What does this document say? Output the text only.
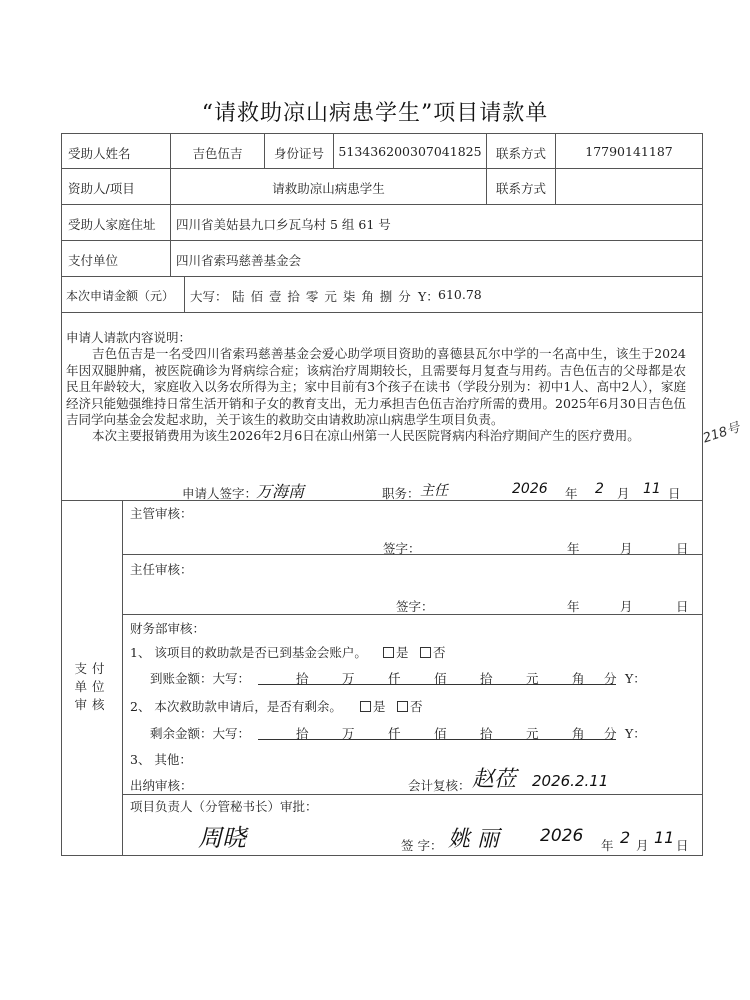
“请救助凉山病患学生”项目请款单
受助人姓名	吉色伍吉	身份证号	513436200307041825	联系方式	17790141187
资助人/项目	请救助凉山病患学生	联系方式
受助人家庭住址 四川省美姑县九口乡瓦乌村 5 组 61 号
支付单位	四川省索玛慈善基金会
本次申请金额（元） 大写： 陆 佰 壹 拾 零 元 柒 角 捌 分 Y： 610.78

申请人请款内容说明：

吉色伍吉是一名受四川省索玛慈善基金会爱心助学项目资助的喜德县瓦尔中学的一名高中生，该生于2024年因双腿肿痛，被医院确诊为肾病综合症；该病治疗周期较长，且需要每月复查与用药。吉色伍吉的父母都是农民且年龄较大，家庭收入以务农所得为主；家中目前有3个孩子在读书（学段分别为：初中1人、高中2人），家庭经济只能勉强维持日常生活开销和子女的教育支出，无力承担吉色伍吉治疗所需的费用。2025年6月30日吉色伍吉同学向基金会发起求助，关于该生的救助交由请救助凉山病患学生项目负责。

本次主要报销费用为该生2026年2月6日在凉山州第一人民医院肾病内科治疗期间产生的医疗费用。	218号
申请人签字：
万海南	职务： 主任	2026 年 2 月 11 日
支付单位审核
主管审核：
签字：	年	月	日
主任审核：
签字：	年	月	日
财务部审核：
1、 该项目的救助款是否已到基金会账户。	是	否
到账金额：大写：	拾	万	仟	佰	拾	元	角 分 Y：
2、 本次救助款申请后，是否有剩余。	是	否
剩余金额：大写：	拾	万	仟	佰	拾	元	角 分 Y：
3、 其他：
出纳审核：	会计复核： 赵莅 2026.2.11
项目负责人（分管秘书长）审批：
周晓	签 字： 姚 丽 2026 年 2 月 11 日
